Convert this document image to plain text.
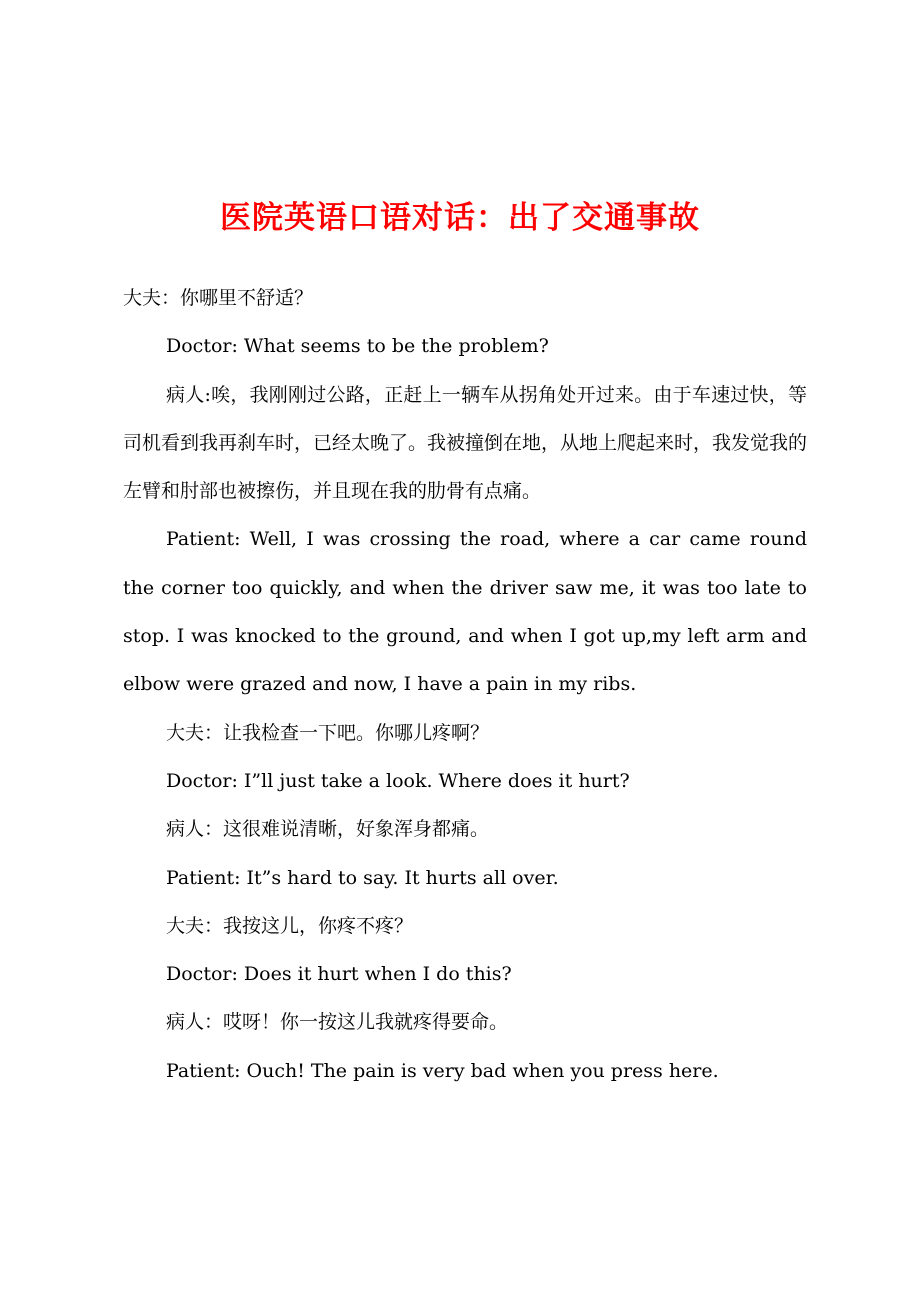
医院英语口语对话：出了交通事故

大夫：你哪里不舒适？

Doctor: What seems to be the problem?

病人:唉，我刚刚过公路，正赶上一辆车从拐角处开过来。由于车速过快，等司机看到我再刹车时，已经太晚了。我被撞倒在地，从地上爬起来时，我发觉我的左臂和肘部也被擦伤，并且现在我的肋骨有点痛。

Patient: Well, I was crossing the road, where a car came round the corner too quickly, and when the driver saw me, it was too late to stop. I was knocked to the ground, and when I got up,my left arm and elbow were grazed and now, I have a pain in my ribs.

大夫：让我检查一下吧。你哪儿疼啊？

Doctor: I”ll just take a look. Where does it hurt?

病人：这很难说清晰，好象浑身都痛。

Patient: It”s hard to say. It hurts all over.

大夫：我按这儿，你疼不疼？

Doctor: Does it hurt when I do this?

病人：哎呀！你一按这儿我就疼得要命。

Patient: Ouch! The pain is very bad when you press here.
